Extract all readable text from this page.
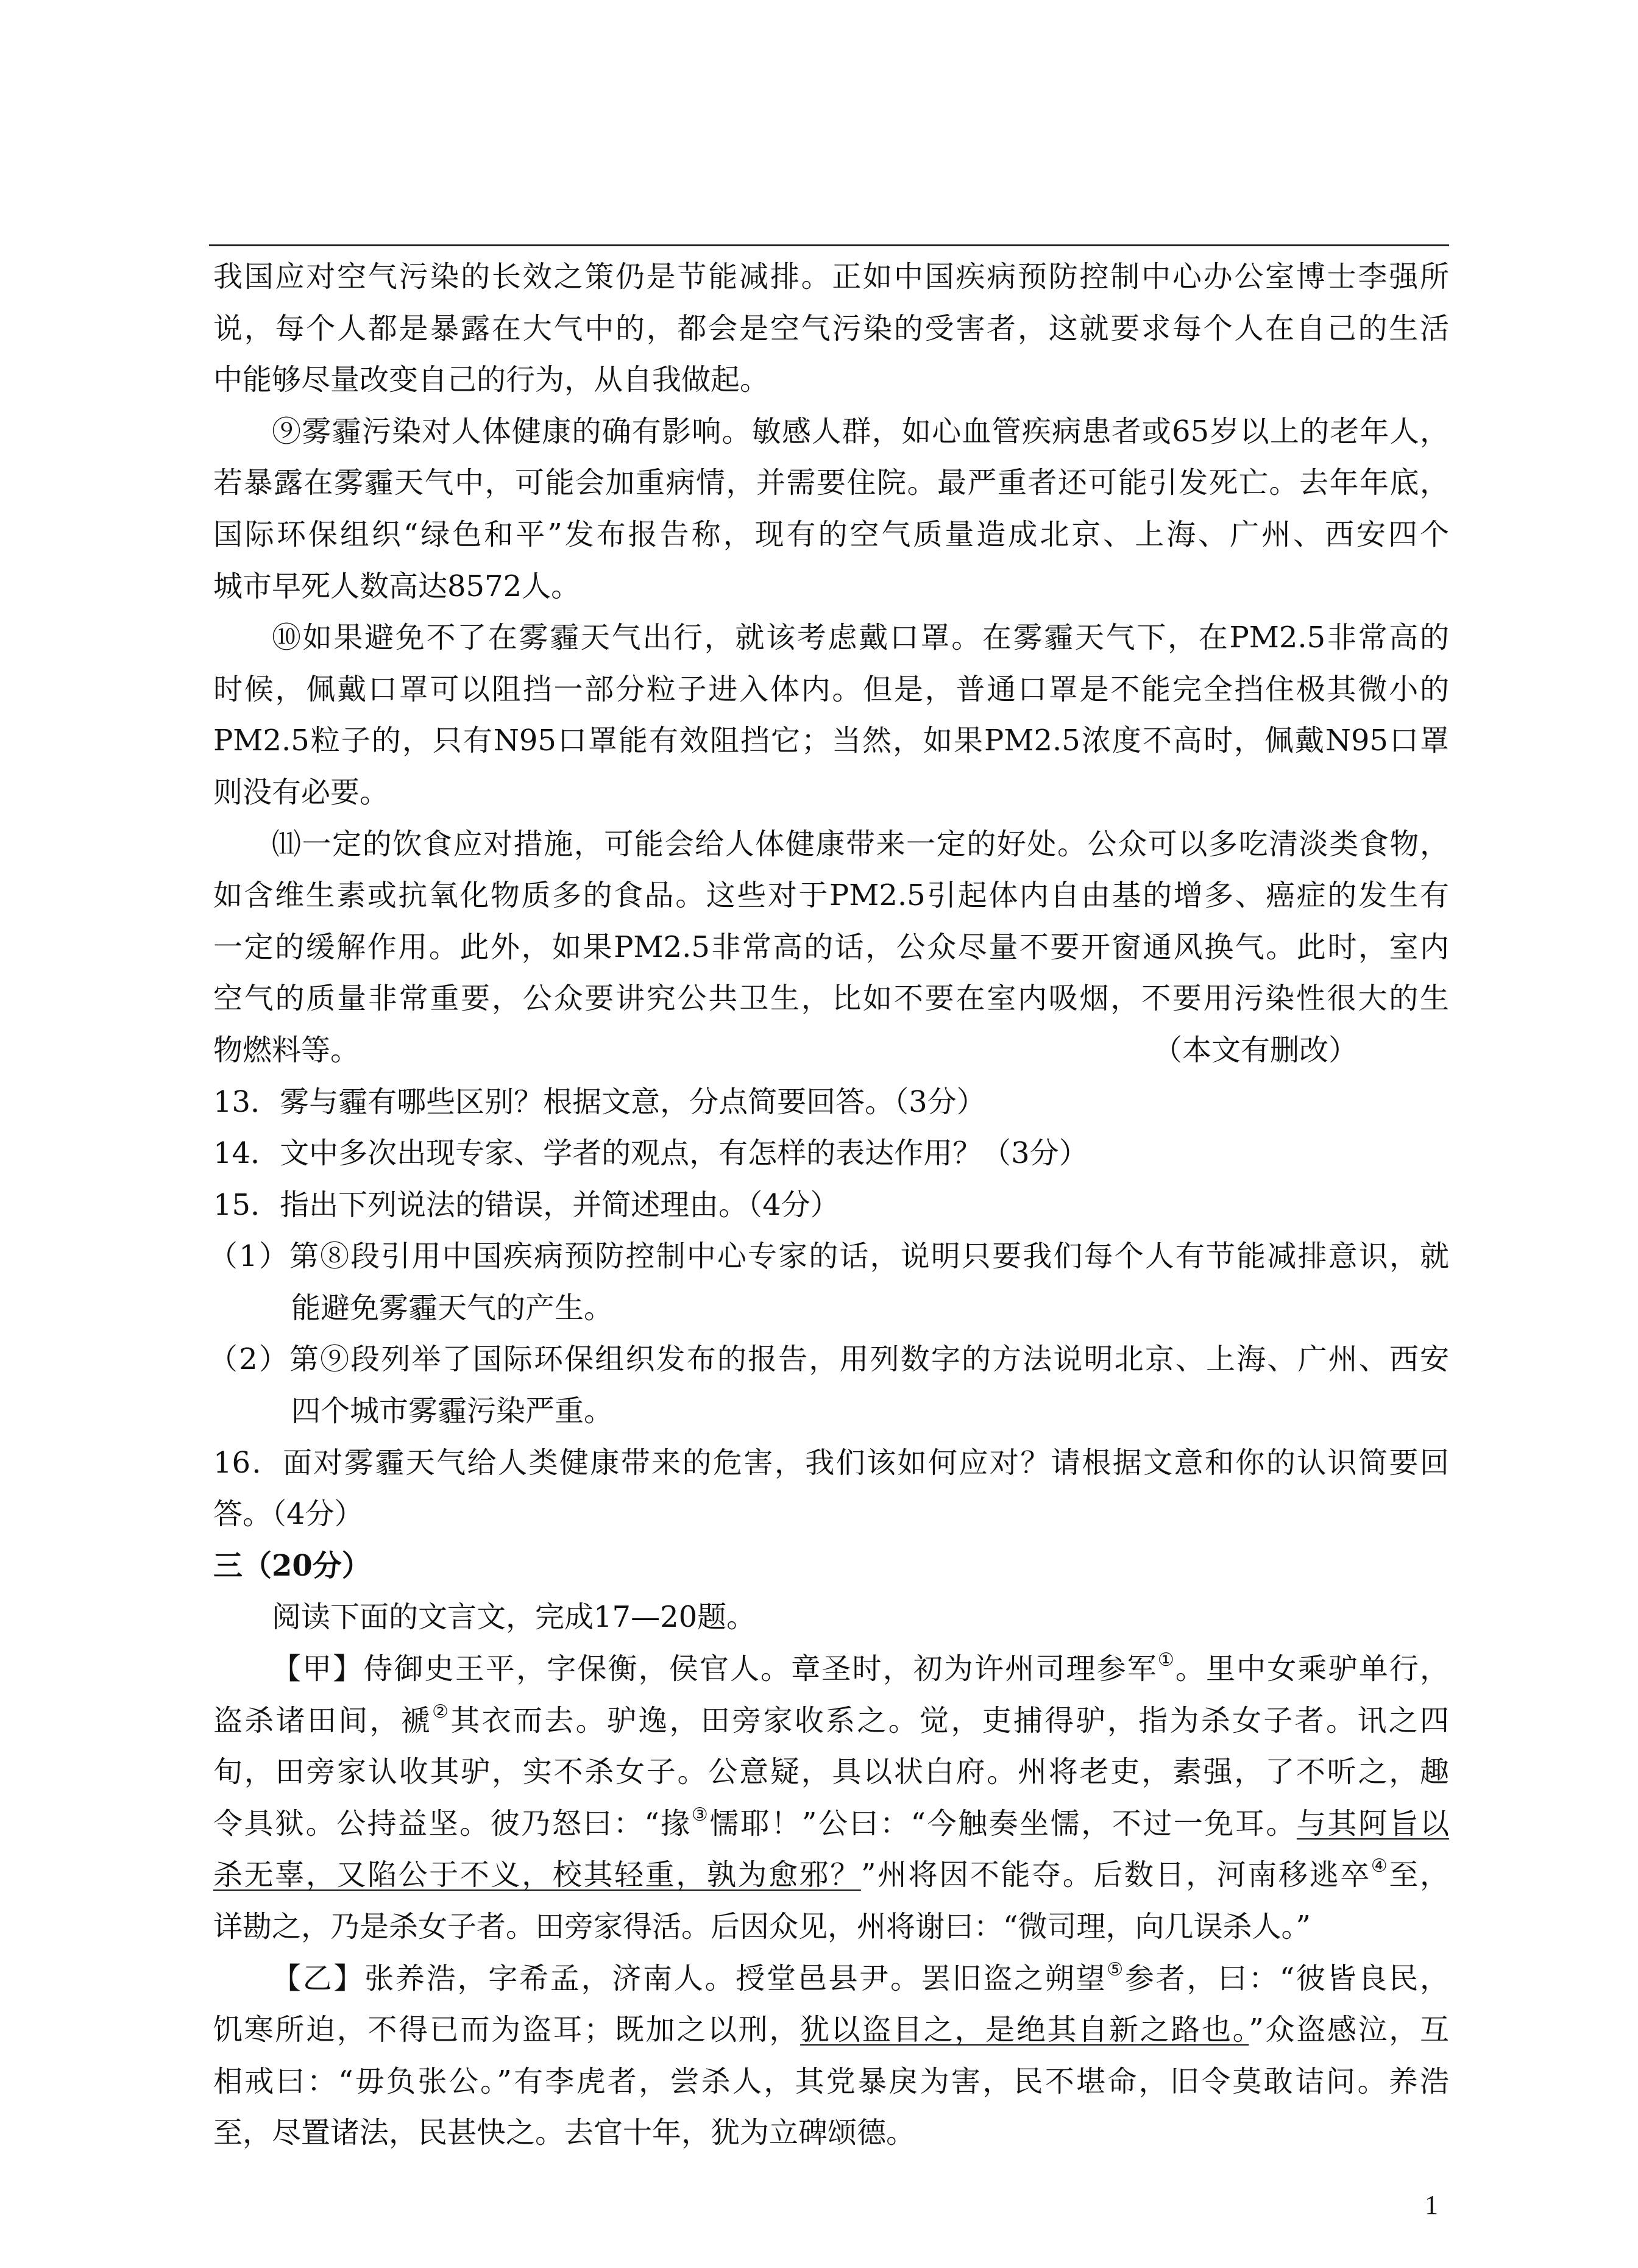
我国应对空气污染的长效之策仍是节能减排。正如中国疾病预防控制中心办公室博士李强所

说，每个人都是暴露在大气中的，都会是空气污染的受害者，这就要求每个人在自己的生活

中能够尽量改变自己的行为，从自我做起。

⑨雾霾污染对人体健康的确有影响。敏感人群，如心血管疾病患者或65岁以上的老年人，

若暴露在雾霾天气中，可能会加重病情，并需要住院。最严重者还可能引发死亡。去年年底，

国际环保组织“绿色和平”发布报告称，现有的空气质量造成北京、上海、广州、西安四个

城市早死人数高达8572人。

⑩如果避免不了在雾霾天气出行，就该考虑戴口罩。在雾霾天气下，在PM2.5非常高的

时候，佩戴口罩可以阻挡一部分粒子进入体内。但是，普通口罩是不能完全挡住极其微小的

PM2.5粒子的，只有N95口罩能有效阻挡它；当然，如果PM2.5浓度不高时，佩戴N95口罩

则没有必要。

⑾一定的饮食应对措施，可能会给人体健康带来一定的好处。公众可以多吃清淡类食物，

如含维生素或抗氧化物质多的食品。这些对于PM2.5引起体内自由基的增多、癌症的发生有

一定的缓解作用。此外，如果PM2.5非常高的话，公众尽量不要开窗通风换气。此时，室内

空气的质量非常重要，公众要讲究公共卫生，比如不要在室内吸烟，不要用污染性很大的生

物燃料等。	（本文有删改）

13．雾与霾有哪些区别？根据文意，分点简要回答。（3分）

14．文中多次出现专家、学者的观点，有怎样的表达作用？（3分）

15．指出下列说法的错误，并简述理由。（4分）

（1）第⑧段引用中国疾病预防控制中心专家的话，说明只要我们每个人有节能减排意识，就

能避免雾霾天气的产生。

（2）第⑨段列举了国际环保组织发布的报告，用列数字的方法说明北京、上海、广州、西安

四个城市雾霾污染严重。

16．面对雾霾天气给人类健康带来的危害，我们该如何应对？请根据文意和你的认识简要回

答。（4分）

三（20分）

阅读下面的文言文，完成17—20题。

【甲】侍御史王平，字保衡，侯官人。章圣时，初为许州司理参军①。里中女乘驴单行，

盗杀诸田间，褫②其衣而去。驴逸，田旁家收系之。觉，吏捕得驴，指为杀女子者。讯之四

旬，田旁家认收其驴，实不杀女子。公意疑，具以状白府。州将老吏，素强，了不听之，趣

令具狱。公持益坚。彼乃怒曰：“掾③懦耶！”公曰：“今触奏坐懦，不过一免耳。与其阿旨以

杀无辜，又陷公于不义，校其轻重，孰为愈邪？”州将因不能夺。后数日，河南移逃卒④至，

详勘之，乃是杀女子者。田旁家得活。后因众见，州将谢曰：“微司理，向几误杀人。”

【乙】张养浩，字希孟，济南人。授堂邑县尹。罢旧盗之朔望⑤参者，曰：“彼皆良民，

饥寒所迫，不得已而为盗耳；既加之以刑，犹以盗目之，是绝其自新之路也。”众盗感泣，互

相戒曰：“毋负张公。”有李虎者，尝杀人，其党暴戾为害，民不堪命，旧令莫敢诘问。养浩

至，尽置诸法，民甚快之。去官十年，犹为立碑颂德。

1
